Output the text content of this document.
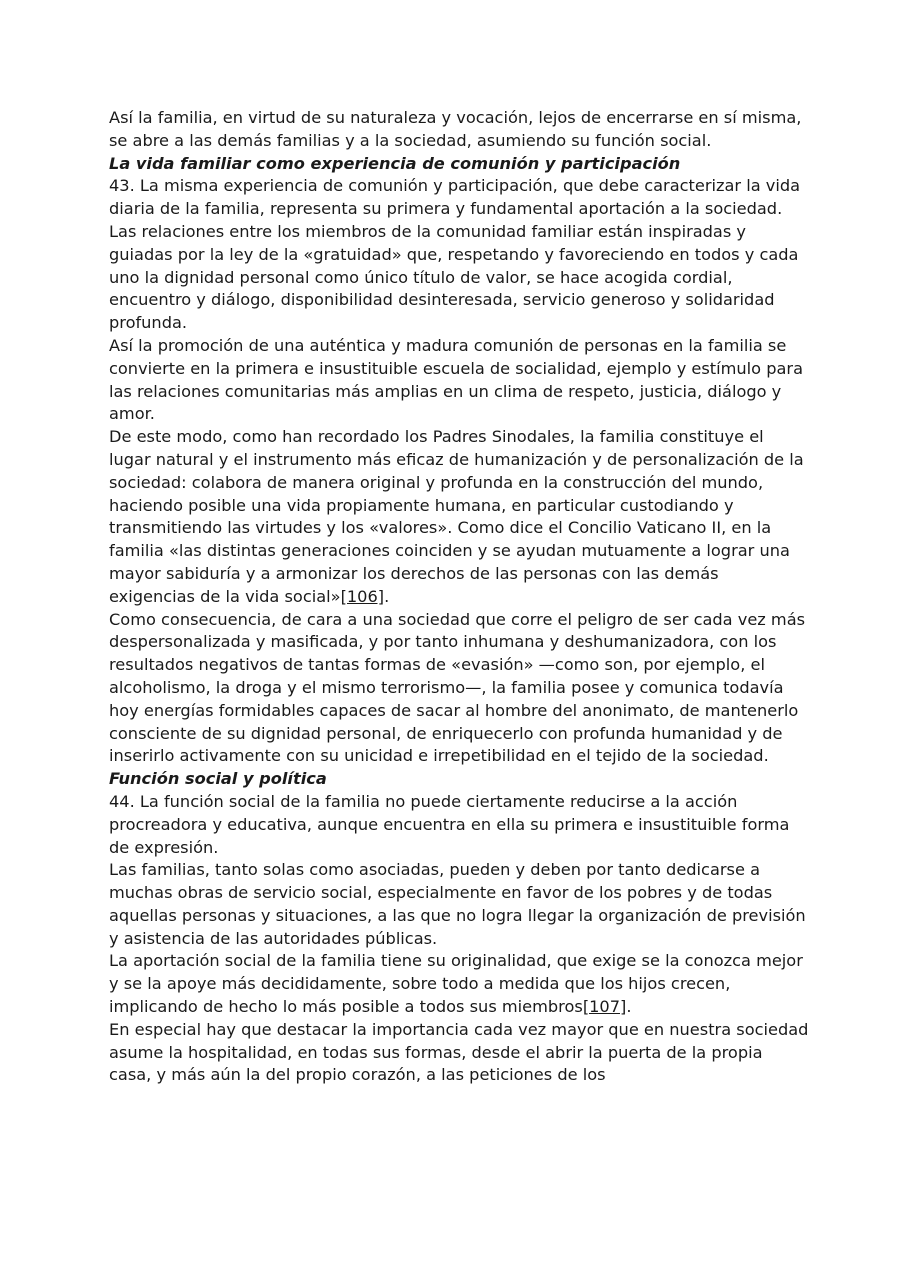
Así la familia, en virtud de su naturaleza y vocación, lejos de encerrarse en sí misma, se abre a las demás familias y a la sociedad, asumiendo su función social.

La vida familiar como experiencia de comunión y participación

43. La misma experiencia de comunión y participación, que debe caracterizar la vida diaria de la familia, representa su primera y fundamental aportación a la sociedad.

Las relaciones entre los miembros de la comunidad familiar están inspiradas y guiadas por la ley de la «gratuidad» que, respetando y favoreciendo en todos y cada uno la dignidad personal como único título de valor, se hace acogida cordial, encuentro y diálogo, disponibilidad desinteresada, servicio generoso y solidaridad profunda.

Así la promoción de una auténtica y madura comunión de personas en la familia se convierte en la primera e insustituible escuela de socialidad, ejemplo y estímulo para las relaciones comunitarias más amplias en un clima de respeto, justicia, diálogo y amor.

De este modo, como han recordado los Padres Sinodales, la familia constituye el lugar natural y el instrumento más eficaz de humanización y de personalización de la sociedad: colabora de manera original y profunda en la construcción del mundo, haciendo posible una vida propiamente humana, en particular custodiando y transmitiendo las virtudes y los «valores». Como dice el Concilio Vaticano II, en la familia «las distintas generaciones coinciden y se ayudan mutuamente a lograr una mayor sabiduría y a armonizar los derechos de las personas con las demás exigencias de la vida social»[106].

Como consecuencia, de cara a una sociedad que corre el peligro de ser cada vez más despersonalizada y masificada, y por tanto inhumana y deshumanizadora, con los resultados negativos de tantas formas de «evasión» —como son, por ejemplo, el alcoholismo, la droga y el mismo terrorismo—, la familia posee y comunica todavía hoy energías formidables capaces de sacar al hombre del anonimato, de mantenerlo consciente de su dignidad personal, de enriquecerlo con profunda humanidad y de inserirlo activamente con su unicidad e irrepetibilidad en el tejido de la sociedad.

Función social y política

44. La función social de la familia no puede ciertamente reducirse a la acción procreadora y educativa, aunque encuentra en ella su primera e insustituible forma de expresión.

Las familias, tanto solas como asociadas, pueden y deben por tanto dedicarse a muchas obras de servicio social, especialmente en favor de los pobres y de todas aquellas personas y situaciones, a las que no logra llegar la organización de previsión y asistencia de las autoridades públicas.

La aportación social de la familia tiene su originalidad, que exige se la conozca mejor y se la apoye más decididamente, sobre todo a medida que los hijos crecen, implicando de hecho lo más posible a todos sus miembros[107].

En especial hay que destacar la importancia cada vez mayor que en nuestra sociedad asume la hospitalidad, en todas sus formas, desde el abrir la puerta de la propia casa, y más aún la del propio corazón, a las peticiones de los
